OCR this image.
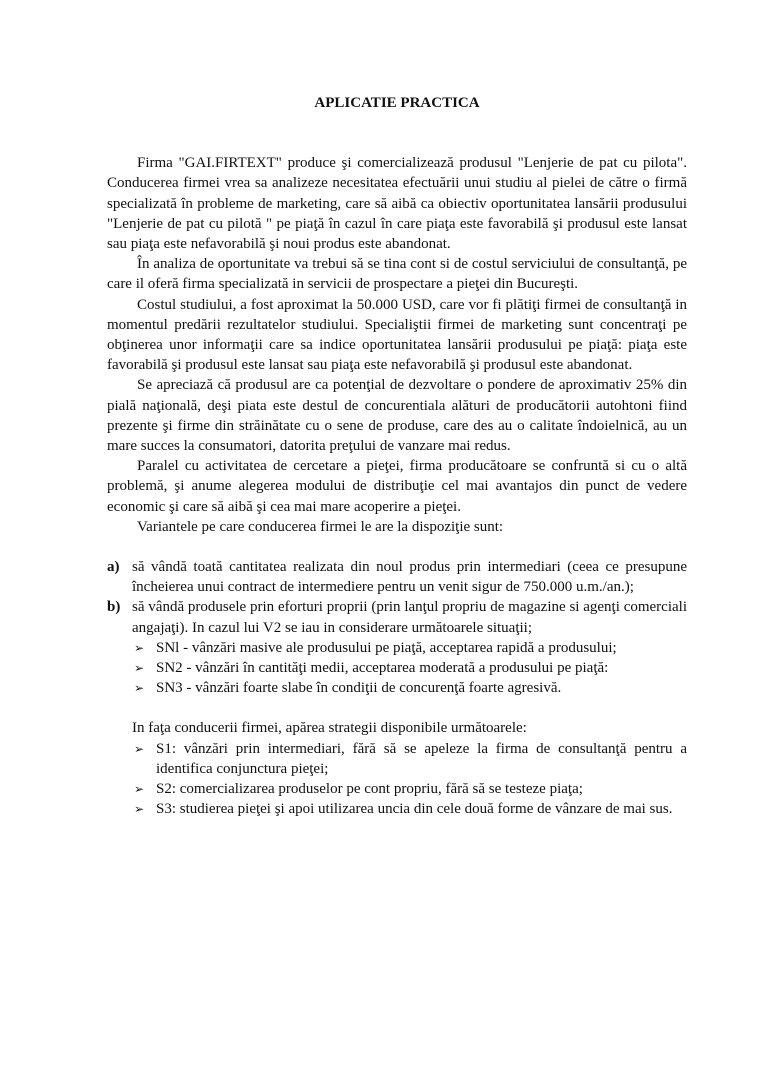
APLICATIE PRACTICA

Firma "GAI.FIRTEXT" produce şi comercializează produsul "Lenjerie de pat cu pilota". Conducerea firmei vrea sa analizeze necesitatea efectuării unui studiu al pielei de către o firmă specializată în probleme de marketing, care să aibă ca obiectiv oportunitatea lansării produsului "Lenjerie de pat cu pilotă " pe piaţă în cazul în care piaţa este favorabilă şi produsul este lansat sau piaţa este nefavorabilă şi noui produs este abandonat.

În analiza de oportunitate va trebui să se tina cont si de costul serviciului de consultanţă, pe care il oferă firma specializată in servicii de prospectare a pieţei din Bucureşti.

Costul studiului, a fost aproximat la 50.000 USD, care vor fi plătiţi firmei de consultanţă in momentul predării rezultatelor studiului. Specialiştii firmei de marketing sunt concentraţi pe obţinerea unor informaţii care sa indice oportunitatea lansării produsului pe piaţă: piaţa este favorabilă şi produsul este lansat sau piaţa este nefavorabilă şi produsul este abandonat.

Se apreciază că produsul are ca potenţial de dezvoltare o pondere de aproximativ 25% din pială naţională, deşi piata este destul de concurentiala alături de producătorii autohtoni fiind prezente şi firme din străinătate cu o sene de produse, care des au o calitate îndoielnică, au un mare succes la consumatori, datorita preţului de vanzare mai redus.

Paralel cu activitatea de cercetare a pieţei, firma producătoare se confruntă si cu o altă problemă, şi anume alegerea modului de distribuţie cel mai avantajos din punct de vedere economic şi care să aibă şi cea mai mare acoperire a pieţei.

Variantele pe care conducerea firmei le are la dispoziţie sunt:

a) să vândă toată cantitatea realizata din noul produs prin intermediari (ceea ce presupune încheierea unui contract de intermediere pentru un venit sigur de 750.000 u.m./an.);
b) să vândă produsele prin eforturi proprii (prin lanţul propriu de magazine si agenţi comerciali angajaţi). In cazul lui V2 se iau in considerare următoarele situaţii;
➢ SNl - vânzări masive ale produsului pe piaţă, acceptarea rapidă a produsului;
➢ SN2 - vânzări în cantităţi medii, acceptarea moderată a produsului pe piaţă:
➢ SN3 - vânzări foarte slabe în condiţii de concurenţă foarte agresivă.

In faţa conducerii firmei, apărea strategii disponibile următoarele:

➢ S1: vânzări prin intermediari, fără să se apeleze la firma de consultanţă pentru a identifica conjunctura pieţei;
➢ S2: comercializarea produselor pe cont propriu, fără să se testeze piaţa;
➢ S3: studierea pieţei şi apoi utilizarea uncia din cele două forme de vânzare de mai sus.
